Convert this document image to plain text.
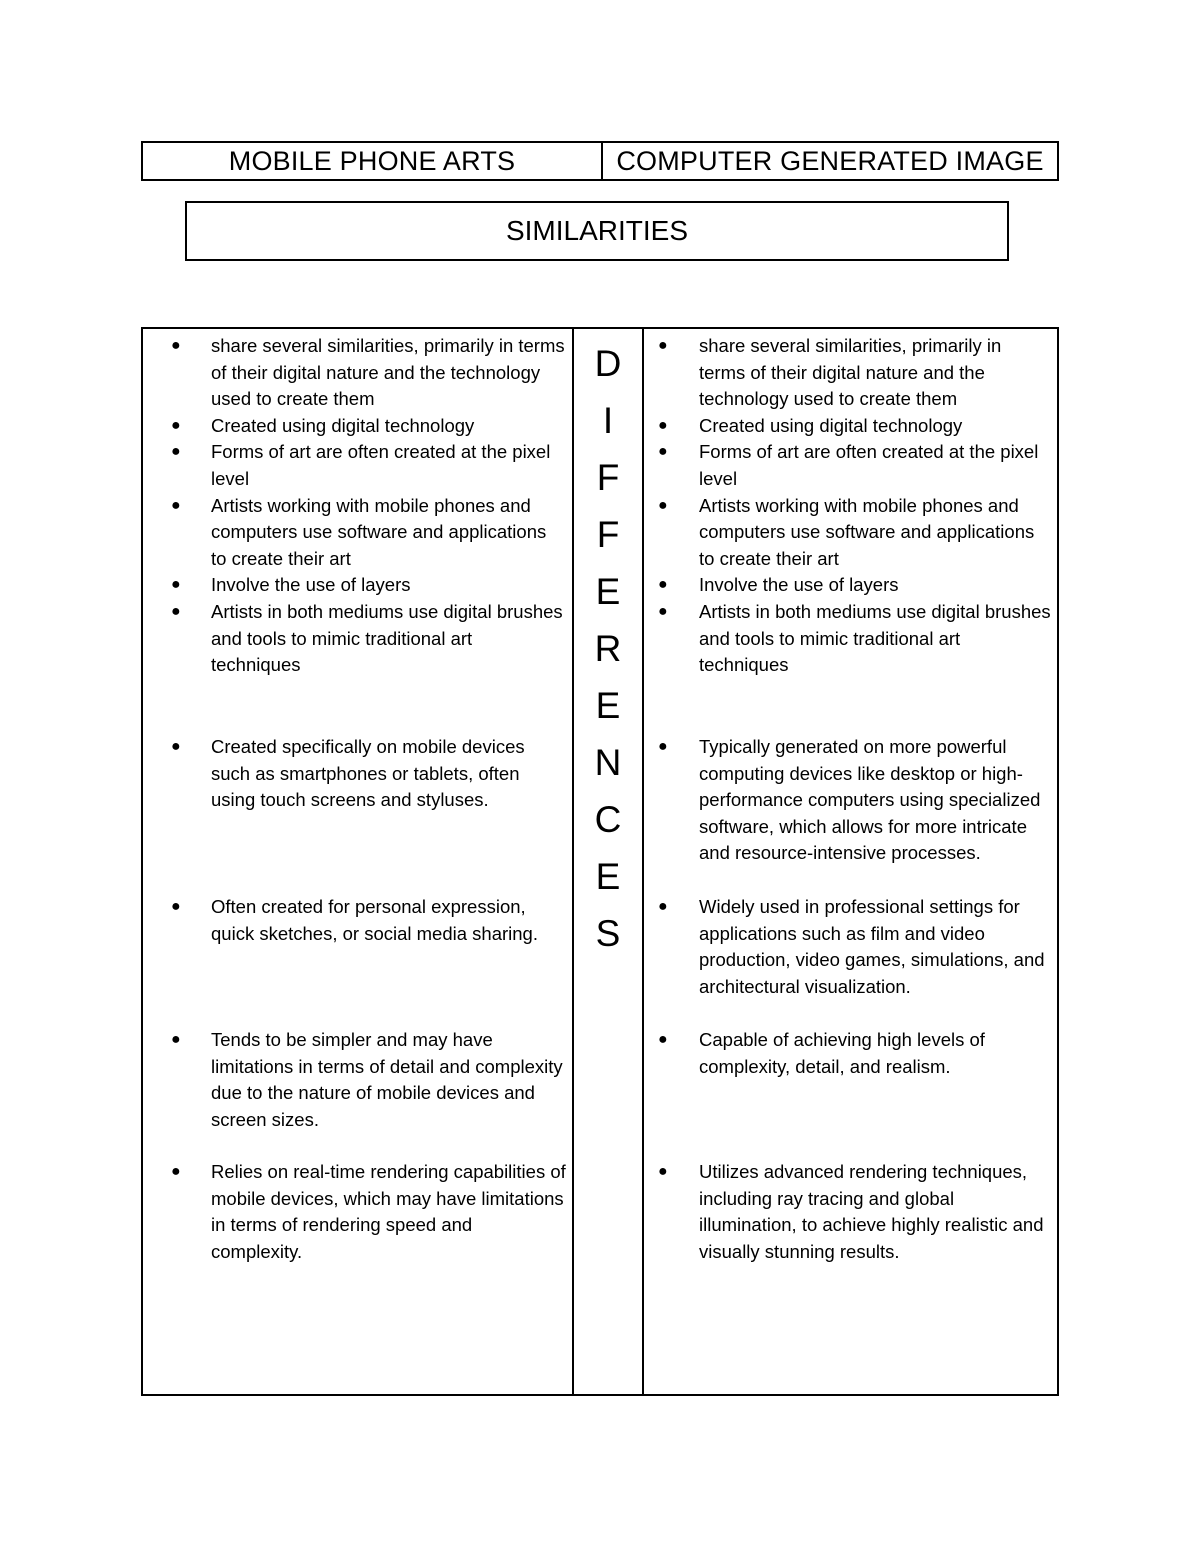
MOBILE PHONE ARTS	COMPUTER GENERATED IMAGE
SIMILARITIES
● share several similarities, primarily in terms of their digital nature and the technology used to create them
● Created using digital technology
● Forms of art are often created at the pixel level
● Artists working with mobile phones and computers use software and applications to create their art
● Involve the use of layers
● Artists in both mediums use digital brushes and tools to mimic traditional art techniques
● Created specifically on mobile devices such as smartphones or tablets, often using touch screens and styluses.
● Often created for personal expression, quick sketches, or social media sharing.
● Tends to be simpler and may have limitations in terms of detail and complexity due to the nature of mobile devices and screen sizes.
● Relies on real-time rendering capabilities of mobile devices, which may have limitations in terms of rendering speed and complexity.
D
I
F
F
E
R
E
N
C
E
S
● share several similarities, primarily in terms of their digital nature and the technology used to create them
● Created using digital technology
● Forms of art are often created at the pixel level
● Artists working with mobile phones and computers use software and applications to create their art
● Involve the use of layers
● Artists in both mediums use digital brushes and tools to mimic traditional art techniques
● Typically generated on more powerful computing devices like desktop or high-performance computers using specialized software, which allows for more intricate and resource-intensive processes.
● Widely used in professional settings for applications such as film and video production, video games, simulations, and architectural visualization.
● Capable of achieving high levels of complexity, detail, and realism.
● Utilizes advanced rendering techniques, including ray tracing and global illumination, to achieve highly realistic and visually stunning results.
